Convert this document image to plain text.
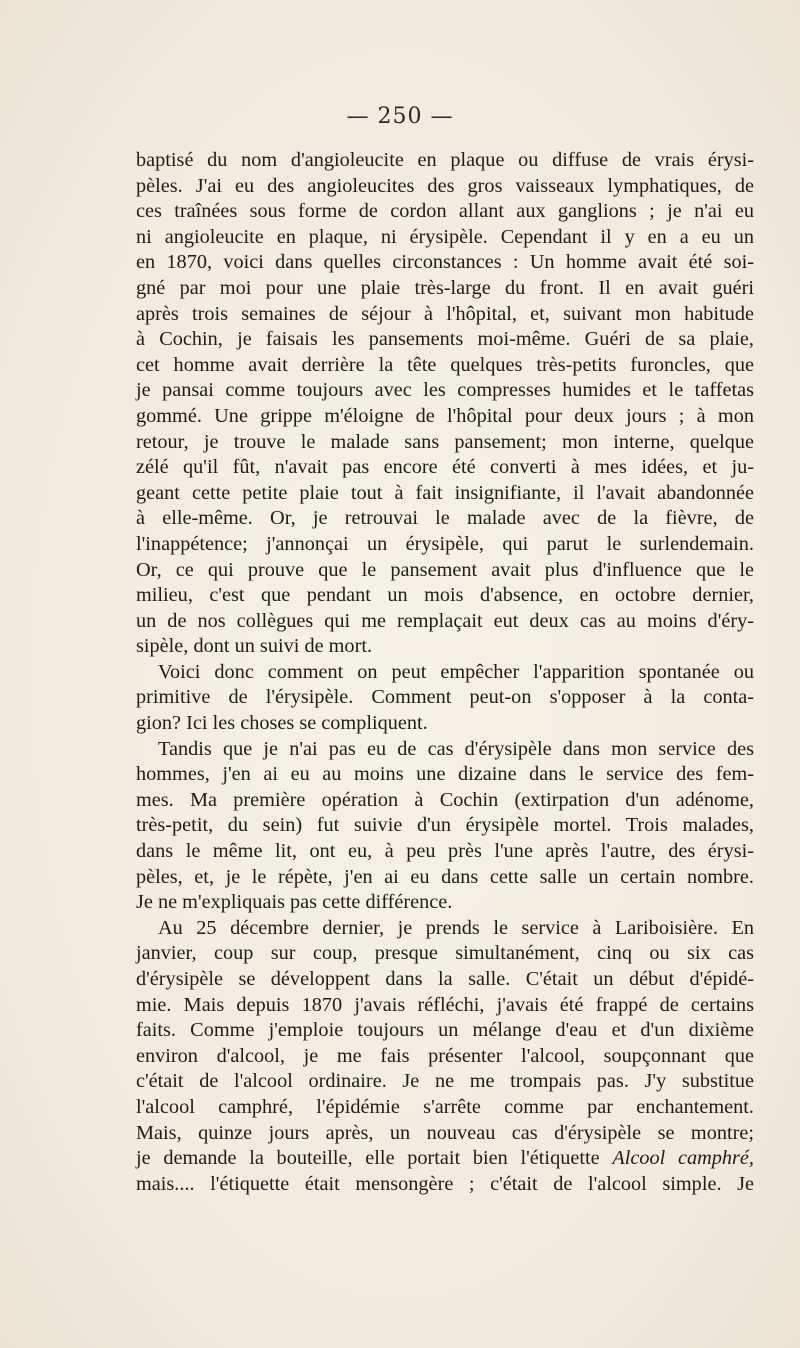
— 250 —
baptisé du nom d'angioleucite en plaque ou diffuse de vrais érysi-
pèles. J'ai eu des angioleucites des gros vaisseaux lymphatiques, de
ces traînées sous forme de cordon allant aux ganglions ; je n'ai eu
ni angioleucite en plaque, ni érysipèle. Cependant il y en a eu un
en 1870, voici dans quelles circonstances : Un homme avait été soi-
gné par moi pour une plaie très-large du front. Il en avait guéri
après trois semaines de séjour à l'hôpital, et, suivant mon habitude
à Cochin, je faisais les pansements moi-même. Guéri de sa plaie,
cet homme avait derrière la tête quelques très-petits furoncles, que
je pansai comme toujours avec les compresses humides et le taffetas
gommé. Une grippe m'éloigne de l'hôpital pour deux jours ; à mon
retour, je trouve le malade sans pansement; mon interne, quelque
zélé qu'il fût, n'avait pas encore été converti à mes idées, et ju-
geant cette petite plaie tout à fait insignifiante, il l'avait abandonnée
à elle-même. Or, je retrouvai le malade avec de la fièvre, de
l'inappétence; j'annonçai un érysipèle, qui parut le surlendemain.
Or, ce qui prouve que le pansement avait plus d'influence que le
milieu, c'est que pendant un mois d'absence, en octobre dernier,
un de nos collègues qui me remplaçait eut deux cas au moins d'éry-
sipèle, dont un suivi de mort.
Voici donc comment on peut empêcher l'apparition spontanée ou
primitive de l'érysipèle. Comment peut-on s'opposer à la conta-
gion? Ici les choses se compliquent.
Tandis que je n'ai pas eu de cas d'érysipèle dans mon service des
hommes, j'en ai eu au moins une dizaine dans le service des fem-
mes. Ma première opération à Cochin (extirpation d'un adénome,
très-petit, du sein) fut suivie d'un érysipèle mortel. Trois malades,
dans le même lit, ont eu, à peu près l'une après l'autre, des érysi-
pèles, et, je le répète, j'en ai eu dans cette salle un certain nombre.
Je ne m'expliquais pas cette différence.
Au 25 décembre dernier, je prends le service à Lariboisière. En
janvier, coup sur coup, presque simultanément, cinq ou six cas
d'érysipèle se développent dans la salle. C'était un début d'épidé-
mie. Mais depuis 1870 j'avais réfléchi, j'avais été frappé de certains
faits. Comme j'emploie toujours un mélange d'eau et d'un dixième
environ d'alcool, je me fais présenter l'alcool, soupçonnant que
c'était de l'alcool ordinaire. Je ne me trompais pas. J'y substitue
l'alcool camphré, l'épidémie s'arrête comme par enchantement.
Mais, quinze jours après, un nouveau cas d'érysipèle se montre;
je demande la bouteille, elle portait bien l'étiquette Alcool camphré,
mais.... l'étiquette était mensongère ; c'était de l'alcool simple. Je
